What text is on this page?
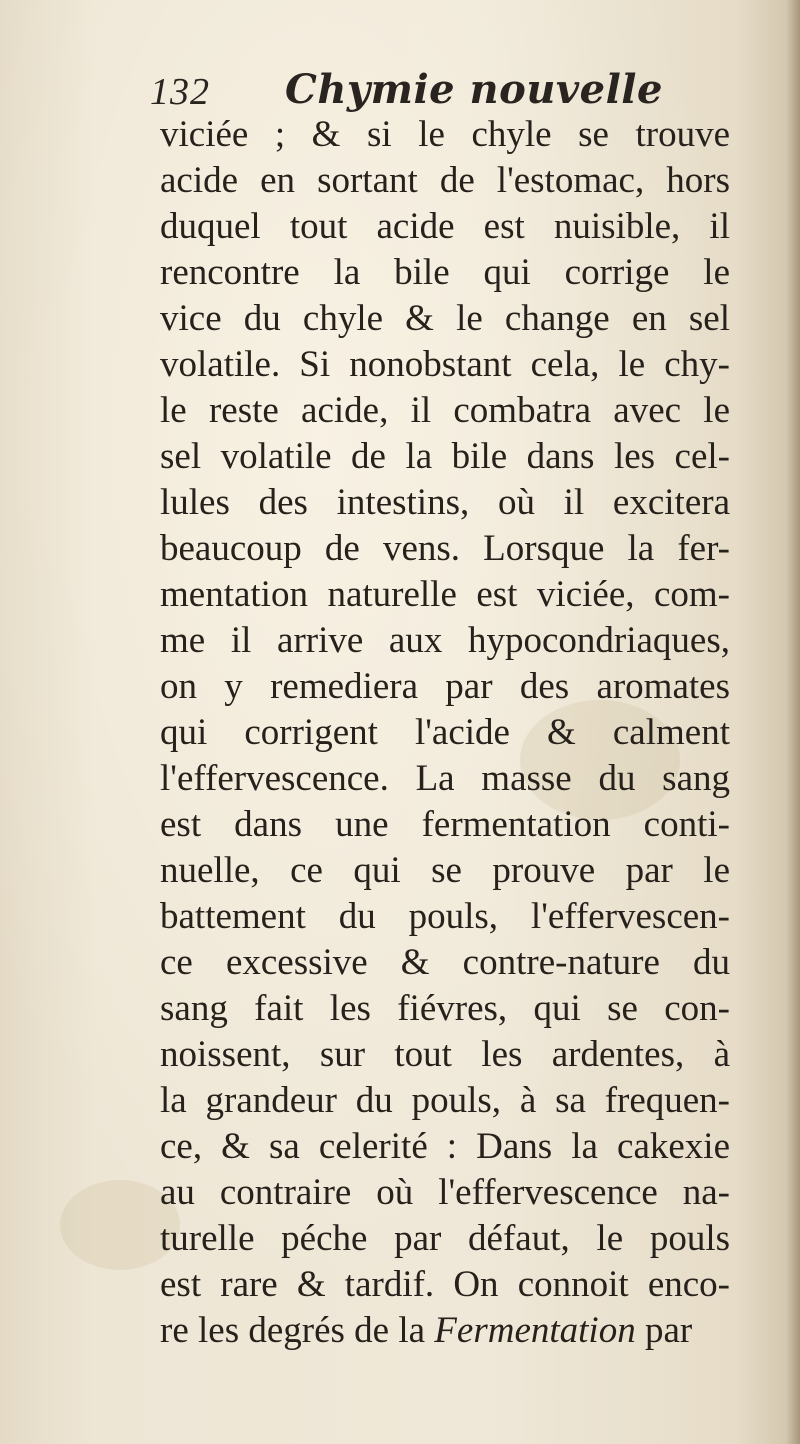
132 Chymie nouvelle
viciée ; & si le chyle se trouve
acide en sortant de l'estomac, hors
duquel tout acide est nuisible, il
rencontre la bile qui corrige le
vice du chyle & le change en sel
volatile. Si nonobstant cela, le chy-
le reste acide, il combatra avec le
sel volatile de la bile dans les cel-
lules des intestins, où il excitera
beaucoup de vens. Lorsque la fer-
mentation naturelle est viciée, com-
me il arrive aux hypocondriaques,
on y remediera par des aromates
qui corrigent l'acide & calment
l'effervescence. La masse du sang
est dans une fermentation conti-
nuelle, ce qui se prouve par le
battement du pouls, l'effervescen-
ce excessive & contre-nature du
sang fait les fiévres, qui se con-
noissent, sur tout les ardentes, à
la grandeur du pouls, à sa frequen-
ce, & sa celerité : Dans la cakexie
au contraire où l'effervescence na-
turelle péche par défaut, le pouls
est rare & tardif. On connoit enco-
re les degrés de la Fermentation par
